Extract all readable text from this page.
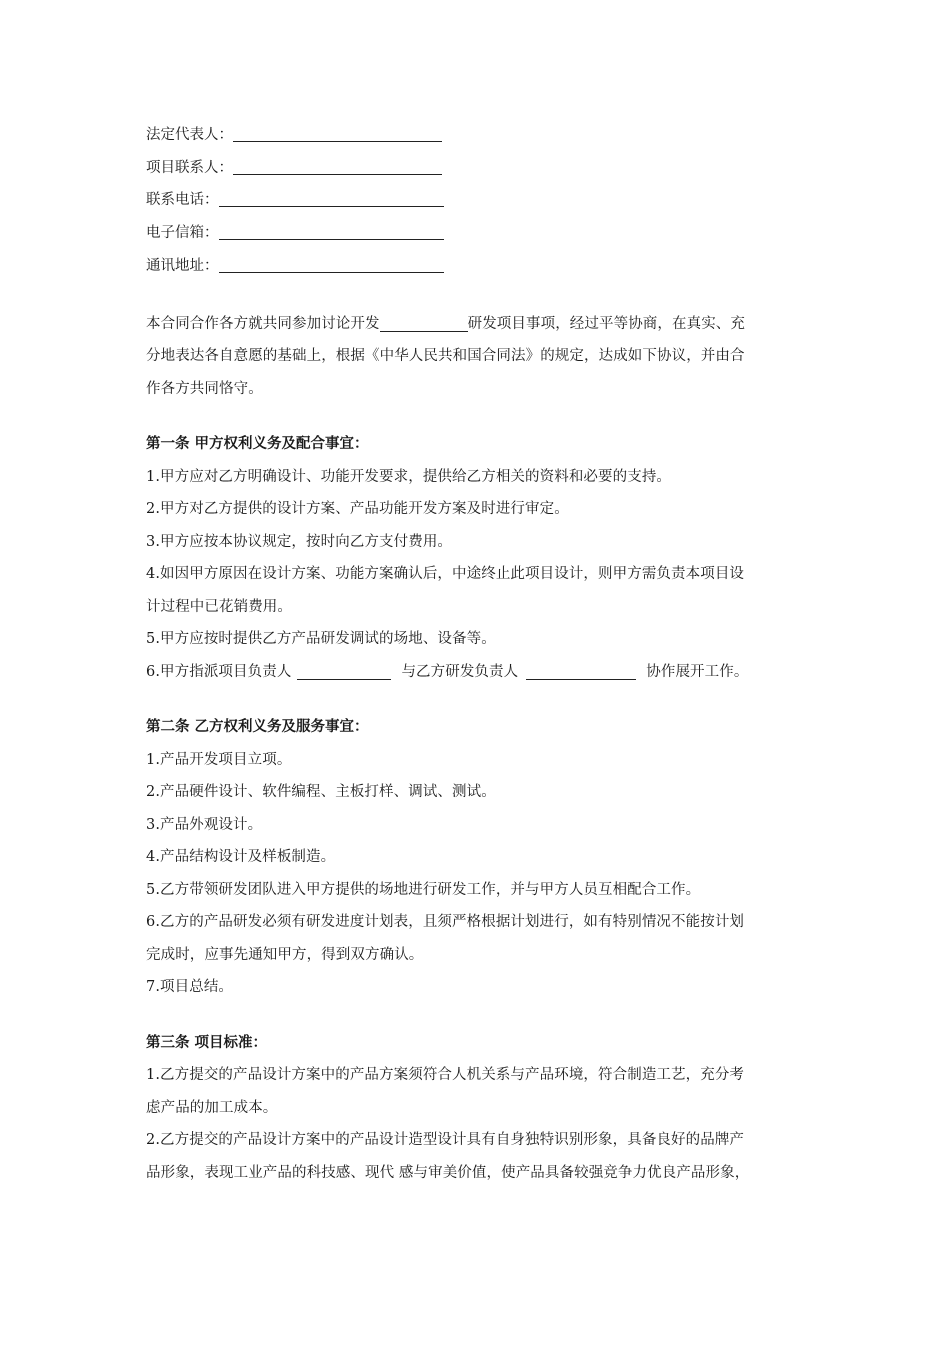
法定代表人：
项目联系人：
联系电话：
电子信箱：
通讯地址：
本合同合作各方就共同参加讨论开发	研发项目事项，经过平等协商，在真实、充
分地表达各自意愿的基础上，根据《中华人民共和国合同法》的规定，达成如下协议，并由合
作各方共同恪守。
第一条 甲方权利义务及配合事宜：
1.甲方应对乙方明确设计、功能开发要求，提供给乙方相关的资料和必要的支持。
2.甲方对乙方提供的设计方案、产品功能开发方案及时进行审定。
3.甲方应按本协议规定，按时向乙方支付费用。
4.如因甲方原因在设计方案、功能方案确认后，中途终止此项目设计，则甲方需负责本项目设
计过程中已花销费用。
5.甲方应按时提供乙方产品研发调试的场地、设备等。
6.甲方指派项目负责人	与乙方研发负责人	协作展开工作。
第二条 乙方权利义务及服务事宜：
1.产品开发项目立项。
2.产品硬件设计、软件编程、主板打样、调试、测试。
3.产品外观设计。
4.产品结构设计及样板制造。
5.乙方带领研发团队进入甲方提供的场地进行研发工作，并与甲方人员互相配合工作。
6.乙方的产品研发必须有研发进度计划表，且须严格根据计划进行，如有特别情况不能按计划
完成时，应事先通知甲方，得到双方确认。
7.项目总结。
第三条 项目标准：
1.乙方提交的产品设计方案中的产品方案须符合人机关系与产品环境，符合制造工艺，充分考
虑产品的加工成本。
2.乙方提交的产品设计方案中的产品设计造型设计具有自身独特识别形象，具备良好的品牌产
品形象，表现工业产品的科技感、现代 感与审美价值，使产品具备较强竞争力优良产品形象，
